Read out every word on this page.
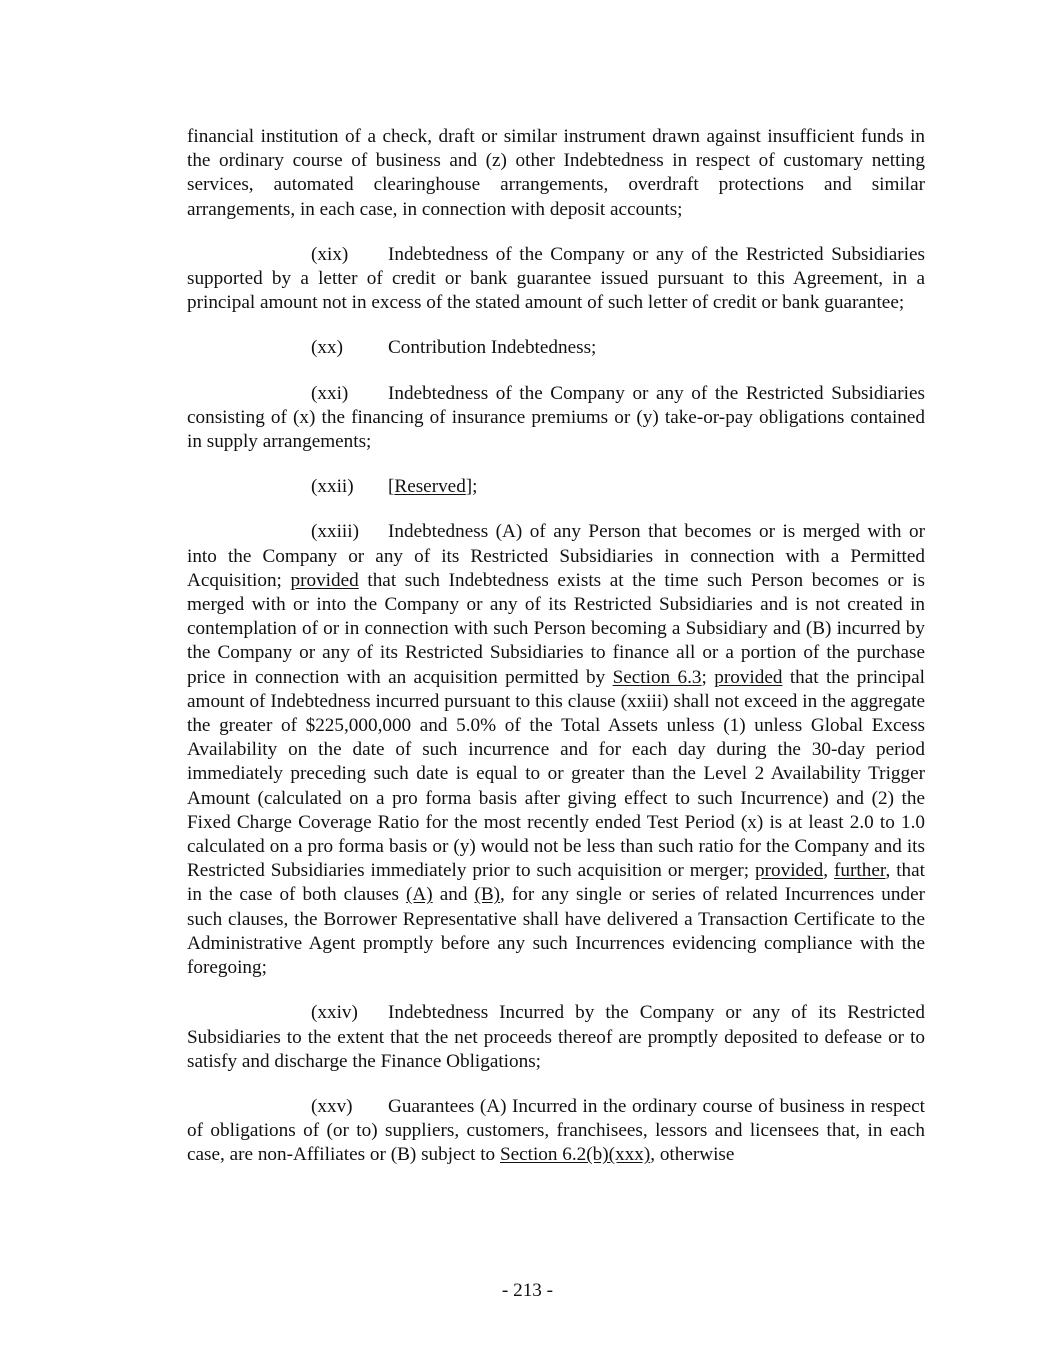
financial institution of a check, draft or similar instrument drawn against insufficient funds in the ordinary course of business and (z) other Indebtedness in respect of customary netting services, automated clearinghouse arrangements, overdraft protections and similar arrangements, in each case, in connection with deposit accounts;

(xix) Indebtedness of the Company or any of the Restricted Subsidiaries supported by a letter of credit or bank guarantee issued pursuant to this Agreement, in a principal amount not in excess of the stated amount of such letter of credit or bank guarantee;

(xx) Contribution Indebtedness;

(xxi) Indebtedness of the Company or any of the Restricted Subsidiaries consisting of (x) the financing of insurance premiums or (y) take-or-pay obligations contained in supply arrangements;

(xxii) [Reserved];

(xxiii) Indebtedness (A) of any Person that becomes or is merged with or into the Company or any of its Restricted Subsidiaries in connection with a Permitted Acquisition; provided that such Indebtedness exists at the time such Person becomes or is merged with or into the Company or any of its Restricted Subsidiaries and is not created in contemplation of or in connection with such Person becoming a Subsidiary and (B) incurred by the Company or any of its Restricted Subsidiaries to finance all or a portion of the purchase price in connection with an acquisition permitted by Section 6.3; provided that the principal amount of Indebtedness incurred pursuant to this clause (xxiii) shall not exceed in the aggregate the greater of $225,000,000 and 5.0% of the Total Assets unless (1) unless Global Excess Availability on the date of such incurrence and for each day during the 30-day period immediately preceding such date is equal to or greater than the Level 2 Availability Trigger Amount (calculated on a pro forma basis after giving effect to such Incurrence) and (2) the Fixed Charge Coverage Ratio for the most recently ended Test Period (x) is at least 2.0 to 1.0 calculated on a pro forma basis or (y) would not be less than such ratio for the Company and its Restricted Subsidiaries immediately prior to such acquisition or merger; provided, further, that in the case of both clauses (A) and (B), for any single or series of related Incurrences under such clauses, the Borrower Representative shall have delivered a Transaction Certificate to the Administrative Agent promptly before any such Incurrences evidencing compliance with the foregoing;

(xxiv) Indebtedness Incurred by the Company or any of its Restricted Subsidiaries to the extent that the net proceeds thereof are promptly deposited to defease or to satisfy and discharge the Finance Obligations;

(xxv) Guarantees (A) Incurred in the ordinary course of business in respect of obligations of (or to) suppliers, customers, franchisees, lessors and licensees that, in each case, are non-Affiliates or (B) subject to Section 6.2(b)(xxx), otherwise

- 213 -
